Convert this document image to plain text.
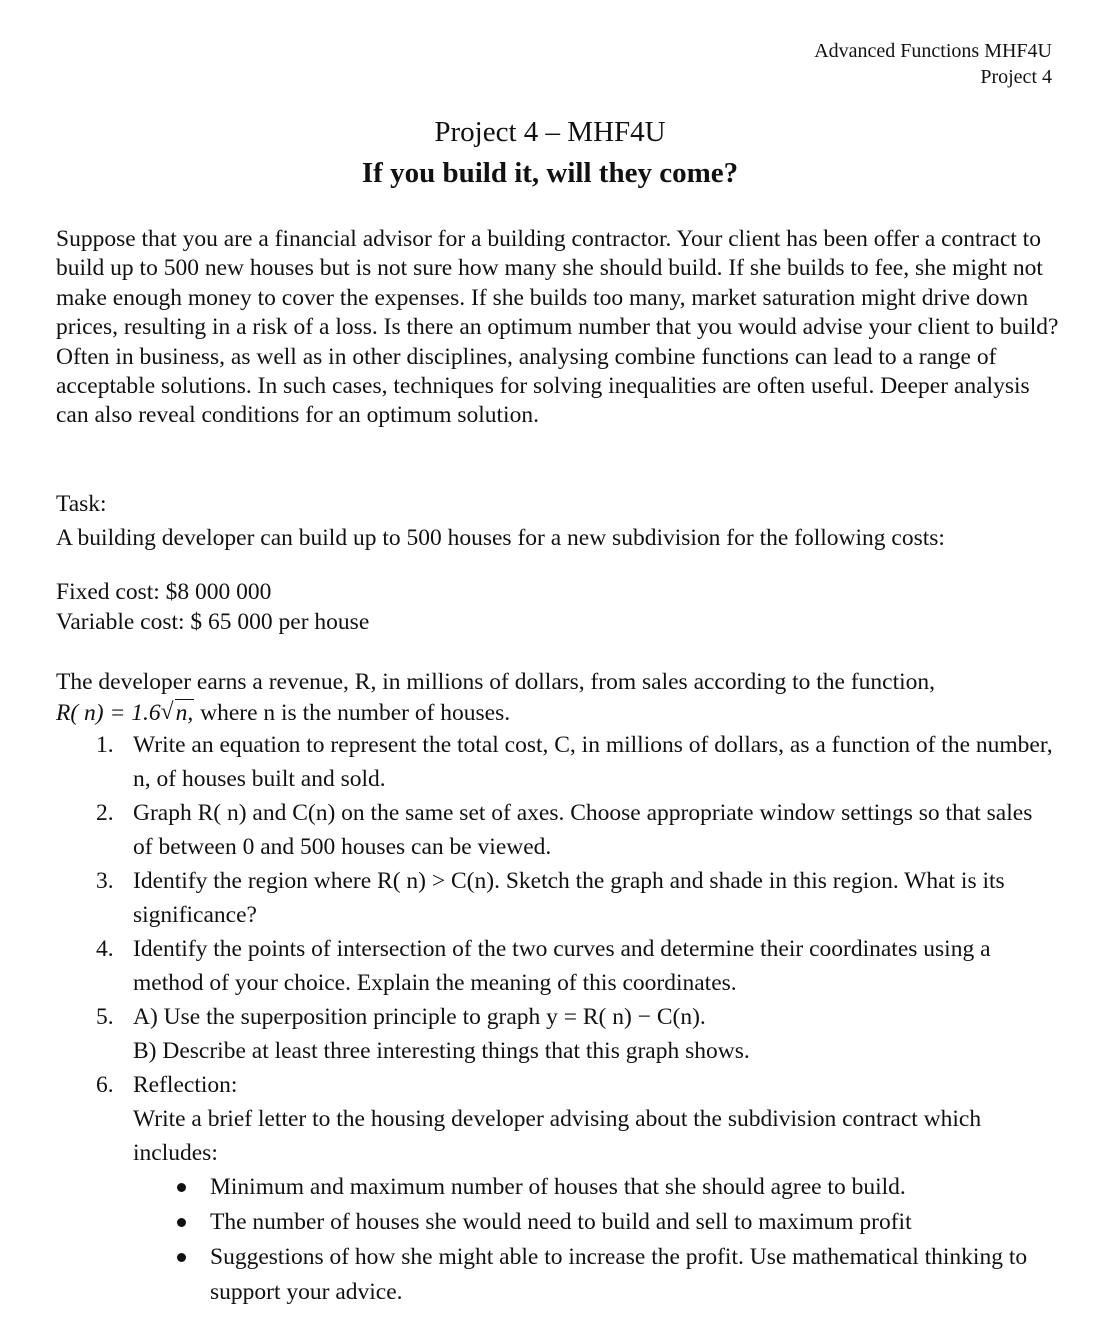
Advanced Functions MHF4U
Project 4
Project 4 – MHF4U
If you build it, will they come?

Suppose that you are a financial advisor for a building contractor. Your client has been offer a contract to build up to 500 new houses but is not sure how many she should build. If she builds to fee, she might not make enough money to cover the expenses. If she builds too many, market saturation might drive down prices, resulting in a risk of a loss. Is there an optimum number that you would advise your client to build?

Often in business, as well as in other disciplines, analysing combine functions can lead to a range of acceptable solutions. In such cases, techniques for solving inequalities are often useful. Deeper analysis can also reveal conditions for an optimum solution.

Task:
A building developer can build up to 500 houses for a new subdivision for the following costs:
Fixed cost: $8 000 000
Variable cost: $ 65 000 per house

The developer earns a revenue, R, in millions of dollars, from sales according to the function,

R( n) = 1.6 √ n, where n is the number of houses.

1. Write an equation to represent the total cost, C, in millions of dollars, as a function of the number, n, of houses built and sold.
2. Graph R( n) and C(n) on the same set of axes. Choose appropriate window settings so that sales of between 0 and 500 houses can be viewed.
3. Identify the region where R( n) > C(n). Sketch the graph and shade in this region. What is its significance?
4. Identify the points of intersection of the two curves and determine their coordinates using a method of your choice. Explain the meaning of this coordinates.
5. A) Use the superposition principle to graph y = R( n) − C(n).
B) Describe at least three interesting things that this graph shows.
6. Reflection:
Write a brief letter to the housing developer advising about the subdivision contract which includes:
Minimum and maximum number of houses that she should agree to build.
The number of houses she would need to build and sell to maximum profit
Suggestions of how she might able to increase the profit. Use mathematical thinking to support your advice.
